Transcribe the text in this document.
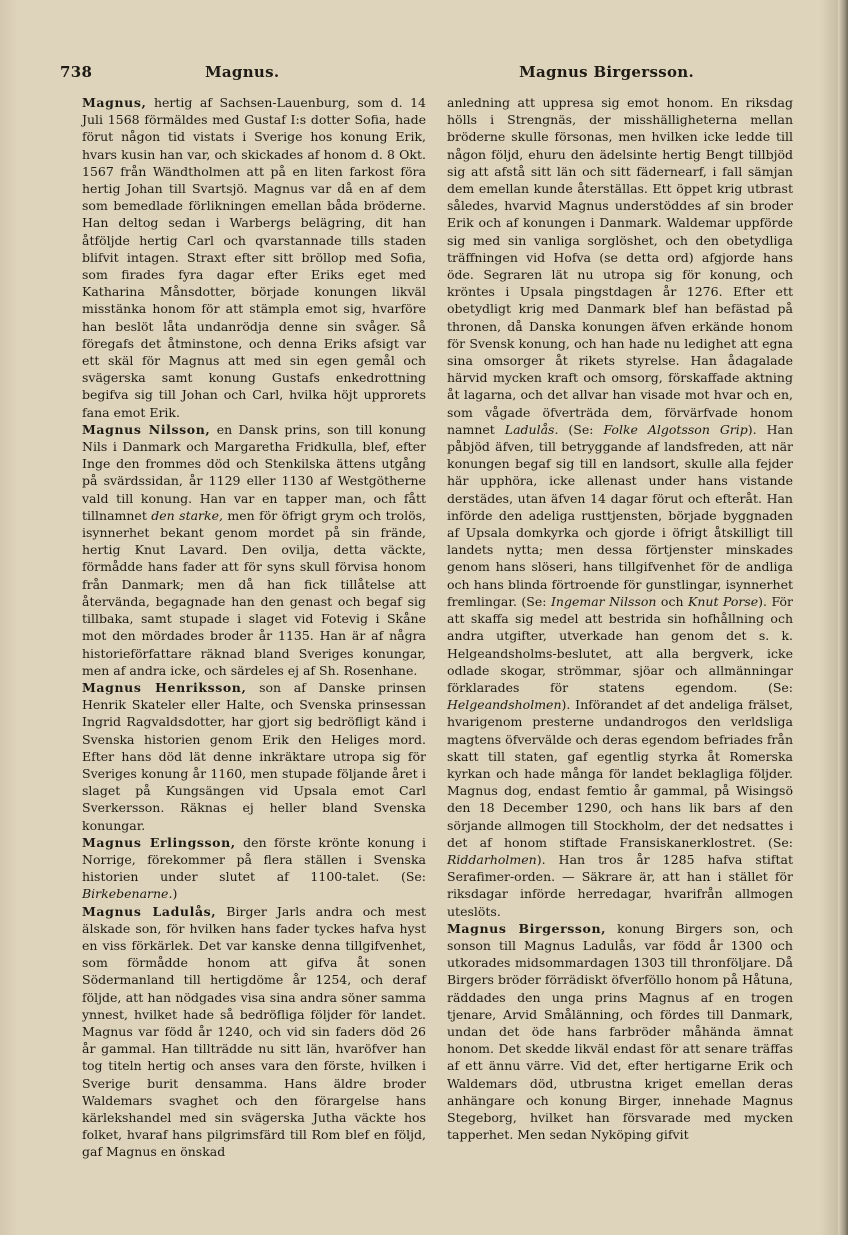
738	Magnus.	Magnus Birgersson.

Magnus, hertig af Sachsen-Lauenburg, som d. 14 Juli 1568 förmäldes med Gustaf I:s dotter Sofia, hade förut någon tid vistats i Sverige hos konung Erik, hvars kusin han var, och skickades af honom d. 8 Okt. 1567 från Wändtholmen att på en liten farkost föra hertig Johan till Svartsjö. Magnus var då en af dem som bemedlade förlikningen emellan båda bröderne. Han deltog sedan i Warbergs belägring, dit han åtföljde hertig Carl och qvarstannade tills staden blifvit intagen. Straxt efter sitt bröllop med Sofia, som firades fyra dagar efter Eriks eget med Katharina Månsdotter, började konungen likväl misstänka honom för att stämpla emot sig, hvarföre han beslöt låta undanrödja denne sin svåger. Så föregafs det åtminstone, och denna Eriks afsigt var ett skäl för Magnus att med sin egen gemål och svägerska samt konung Gustafs enkedrottning begifva sig till Johan och Carl, hvilka höjt upprorets fana emot Erik.

Magnus Nilsson, en Dansk prins, son till konung Nils i Danmark och Margaretha Fridkulla, blef, efter Inge den frommes död och Stenkilska ättens utgång på svärdssidan, år 1129 eller 1130 af Westgötherne vald till konung. Han var en tapper man, och fått tillnamnet den starke, men för öfrigt grym och trolös, isynnerhet bekant genom mordet på sin frände, hertig Knut Lavard. Den ovilja, detta väckte, förmådde hans fader att för syns skull förvisa honom från Danmark; men då han fick tillåtelse att återvända, begagnade han den genast och begaf sig tillbaka, samt stupade i slaget vid Fotevig i Skåne mot den mördades broder år 1135. Han är af några historieförfattare räknad bland Sveriges konungar, men af andra icke, och särdeles ej af Sh. Rosenhane.

Magnus Henriksson, son af Danske prinsen Henrik Skateler eller Halte, och Svenska prinsessan Ingrid Ragvaldsdotter, har gjort sig bedröfligt känd i Svenska historien genom Erik den Heliges mord. Efter hans död lät denne inkräktare utropa sig för Sveriges konung år 1160, men stupade följande året i slaget på Kungsängen vid Upsala emot Carl Sverkersson. Räknas ej heller bland Svenska konungar.

Magnus Erlingsson, den förste krönte konung i Norrige, förekommer på flera ställen i Svenska historien under slutet af 1100-talet. (Se: Birkebenarne.)

Magnus Ladulås, Birger Jarls andra och mest älskade son, för hvilken hans fader tyckes hafva hyst en viss förkärlek. Det var kanske denna tillgifvenhet, som förmådde honom att gifva åt sonen Södermanland till hertigdöme år 1254, och deraf följde, att han nödgades visa sina andra söner samma ynnest, hvilket hade så bedröfliga följder för landet. Magnus var född år 1240, och vid sin faders död 26 år gammal. Han tillträdde nu sitt län, hvaröfver han tog titeln hertig och anses vara den förste, hvilken i Sverige burit densamma. Hans äldre broder Waldemars svaghet och den förargelse hans kärlekshandel med sin svägerska Jutha väckte hos folket, hvaraf hans pilgrimsfärd till Rom blef en följd, gaf Magnus en önskad

anledning att uppresa sig emot honom. En riksdag hölls i Strengnäs, der misshälligheterna mellan bröderne skulle försonas, men hvilken icke ledde till någon följd, ehuru den ädelsinte hertig Bengt tillbjöd sig att afstå sitt län och sitt fädernearf, i fall sämjan dem emellan kunde återställas. Ett öppet krig utbrast således, hvarvid Magnus understöddes af sin broder Erik och af konungen i Danmark. Waldemar uppförde sig med sin vanliga sorglöshet, och den obetydliga träffningen vid Hofva (se detta ord) afgjorde hans öde. Segraren lät nu utropa sig för konung, och kröntes i Upsala pingstdagen år 1276. Efter ett obetydligt krig med Danmark blef han befästad på thronen, då Danska konungen äfven erkände honom för Svensk konung, och han hade nu ledighet att egna sina omsorger åt rikets styrelse. Han ådagalade härvid mycken kraft och omsorg, förskaffade aktning åt lagarna, och det allvar han visade mot hvar och en, som vågade öfverträda dem, förvärfvade honom namnet Ladulås. (Se: Folke Algotsson Grip). Han påbjöd äfven, till betryggande af landsfreden, att när konungen begaf sig till en landsort, skulle alla fejder här upphöra, icke allenast under hans vistande derstädes, utan äfven 14 dagar förut och efteråt. Han införde den adeliga rusttjensten, började byggnaden af Upsala domkyrka och gjorde i öfrigt åtskilligt till landets nytta; men dessa förtjenster minskades genom hans slöseri, hans tillgifvenhet för de andliga och hans blinda förtroende för gunstlingar, isynnerhet fremlingar. (Se: Ingemar Nilsson och Knut Porse). För att skaffa sig medel att bestrida sin hofhållning och andra utgifter, utverkade han genom det s. k. Helgeandsholms-beslutet, att alla bergverk, icke odlade skogar, strömmar, sjöar och allmänningar förklarades för statens egendom. (Se: Helgeandsholmen). Införandet af det andeliga frälset, hvarigenom presterne undandrogos den verldsliga magtens öfvervälde och deras egendom befriades från skatt till staten, gaf egentlig styrka åt Romerska kyrkan och hade många för landet beklagliga följder. Magnus dog, endast femtio år gammal, på Wisingsö den 18 December 1290, och hans lik bars af den sörjande allmogen till Stockholm, der det nedsattes i det af honom stiftade Fransiskanerklostret. (Se: Riddarholmen). Han tros år 1285 hafva stiftat Serafimer-orden. — Säkrare är, att han i stället för riksdagar införde herredagar, hvarifrån allmogen uteslöts.

Magnus Birgersson, konung Birgers son, och sonson till Magnus Ladulås, var född år 1300 och utkorades midsommardagen 1303 till thronföljare. Då Birgers bröder förrädiskt öfverföllo honom på Håtuna, räddades den unga prins Magnus af en trogen tjenare, Arvid Smålänning, och fördes till Danmark, undan det öde hans farbröder måhända ämnat honom. Det skedde likväl endast för att senare träffas af ett ännu värre. Vid det, efter hertigarne Erik och Waldemars död, utbrustna kriget emellan deras anhängare och konung Birger, innehade Magnus Stegeborg, hvilket han försvarade med mycken tapperhet. Men sedan Nyköping gifvit
